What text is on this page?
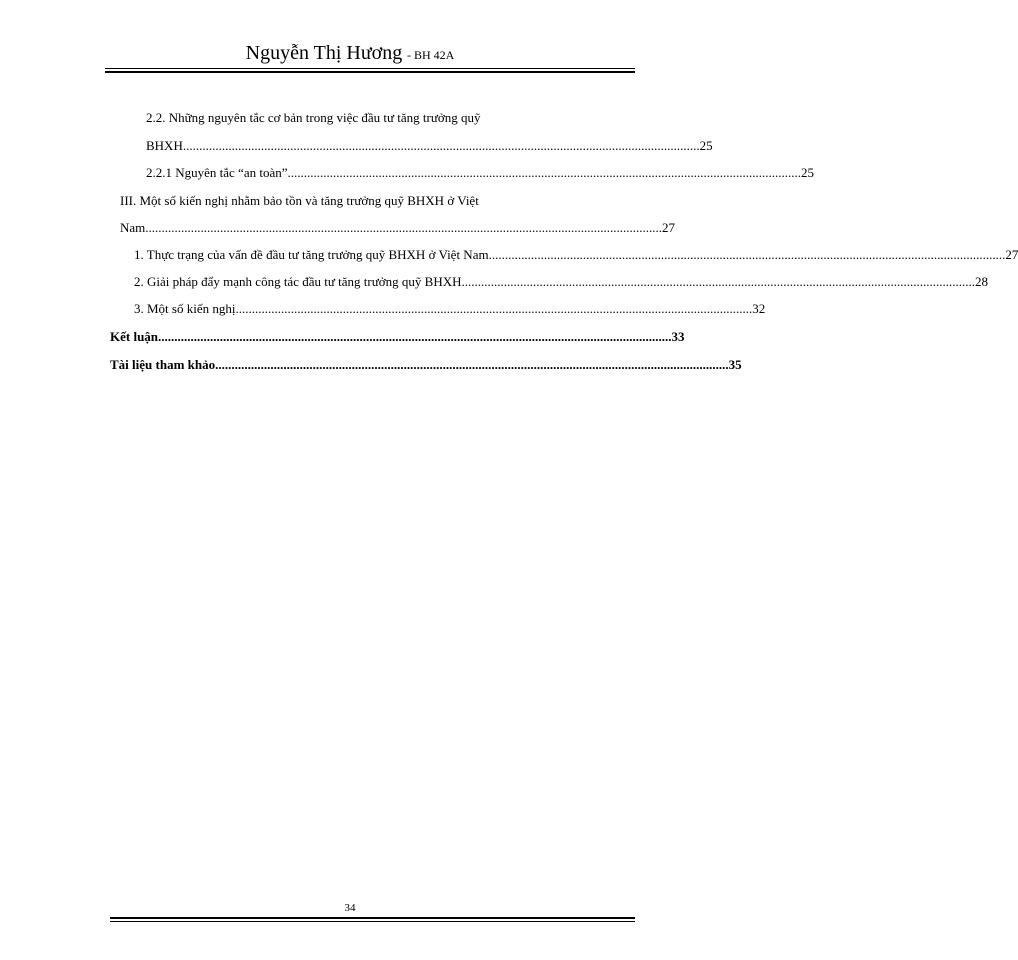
Nguyễn Thị Hương - BH 42A
2.2. Những nguyên tắc cơ bản trong việc đầu tư tăng trưởng quỹ
BHXH. .............................................................................................................................................................. 25
2.2.1 Nguyên tắc “an toàn” .............................................................................................................................................................. 25
III. Một số kiến nghị nhằm bảo tồn và tăng trưởng quỹ BHXH ở Việt
Nam. .............................................................................................................................................................. 27
1. Thực trạng của vấn đề đầu tư tăng trưởng quỹ BHXH ở Việt Nam. .............................................................................................................................................................. 27
2. Giải pháp đẩy mạnh công tác đầu tư tăng trưởng quỹ BHXH .............................................................................................................................................................. 28
3. Một số kiến nghị. .............................................................................................................................................................. 32
Kết luận .............................................................................................................................................................. 33
Tài liệu tham khảo .............................................................................................................................................................. 35
34
